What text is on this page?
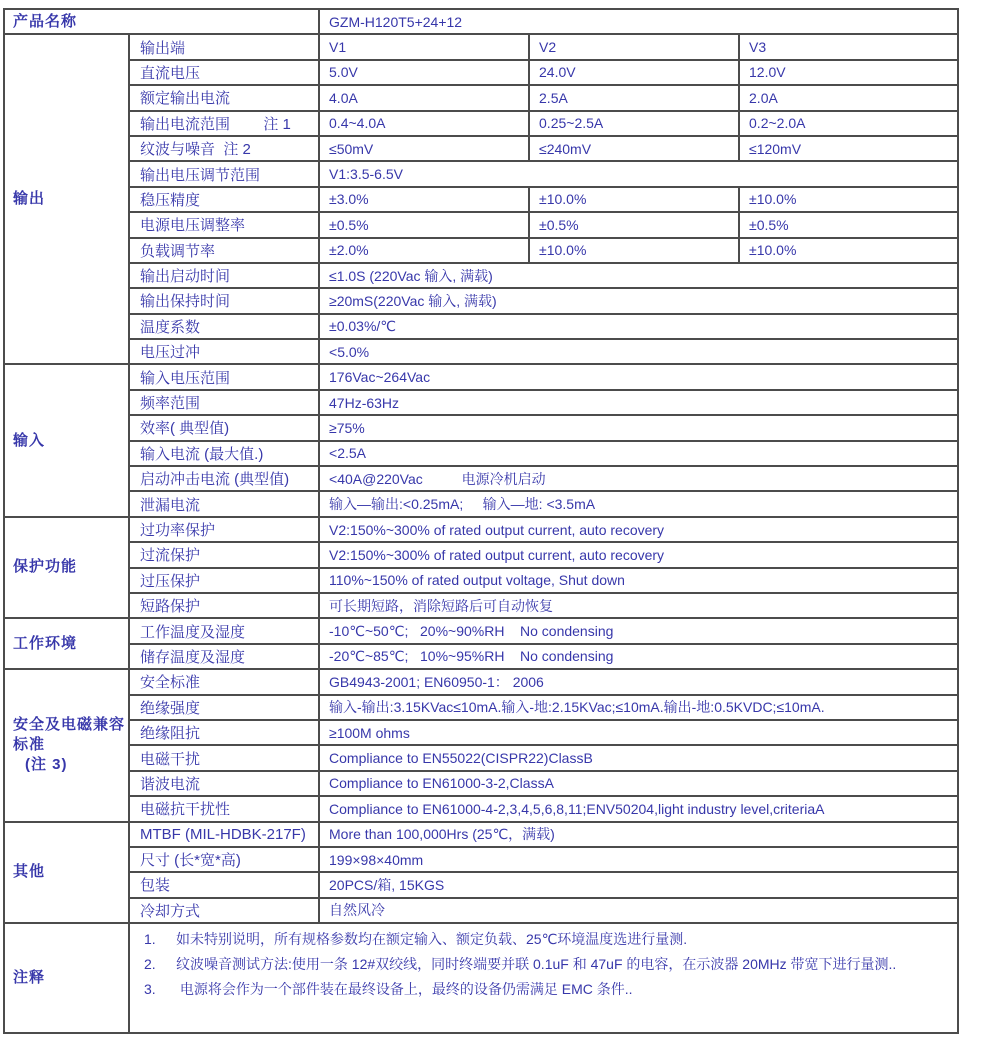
产品名称		GZM-H120T5+24+12		

输出	输出端	V1	V2	V3
	直流电压	5.0V	24.0V	12.0V
	额定输出电流	4.0A	2.5A	2.0A
	输出电流范围        注 1	0.4~4.0A	0.25~2.5A	0.2~2.0A
	纹波与噪音  注 2	≤50mV	≤240mV	≤120mV
	输出电压调节范围	V1:3.5-6.5V		
	稳压精度	±3.0%	±10.0%	±10.0%
	电源电压调整率	±0.5%	±0.5%	±0.5%
	负载调节率	±2.0%	±10.0%	±10.0%
	输出启动时间	≤1.0S (220Vac 输入, 满载)		
	输出保持时间	≥20mS(220Vac 输入, 满载)		
	温度系数	±0.03%/℃		
	电压过冲	<5.0%		

输入	输入电压范围	176Vac~264Vac		
	频率范围	47Hz-63Hz		
	效率( 典型值)	≥75%		
	输入电流 (最大值.)	<2.5A		
	启动冲击电流 (典型值)	<40A@220Vac          电源冷机启动		
	泄漏电流	输入—输出:<0.25mA;     输入—地: <3.5mA		

保护功能	过功率保护	V2:150%~300% of rated output current, auto recovery		
	过流保护	V2:150%~300% of rated output current, auto recovery		
	过压保护	110%~150% of rated output voltage, Shut down		
	短路保护	可长期短路，消除短路后可自动恢复		

工作环境	工作温度及湿度	-10℃~50℃;   20%~90%RH    No condensing		
	储存温度及湿度	-20℃~85℃;   10%~95%RH    No condensing		

安全及电磁兼容标准
(注 3)	安全标准	GB4943-2001; EN60950-1： 2006		
	绝缘强度	输入-输出:3.15KVac≤10mA.输入-地:2.15KVac;≤10mA.输出-地:0.5KVDC;≤10mA.		
	绝缘阻抗	≥100M ohms		
	电磁干扰	Compliance to EN55022(CISPR22)ClassB		
	谐波电流	Compliance to EN61000-3-2,ClassA		
	电磁抗干扰性	Compliance to EN61000-4-2,3,4,5,6,8,11;ENV50204,light industry level,criteriaA		

其他	MTBF (MIL-HDBK-217F)	More than 100,000Hrs (25℃，满载)		
	尺寸 (长*宽*高)	199×98×40mm		
	包装	20PCS/箱, 15KGS		
	冷却方式	自然风冷		

注释

1.	如未特别说明，所有规格参数均在额定输入、额定负载、25℃环境温度选进行量测.
2.	纹波噪音测试方法:使用一条 12#双绞线，同时终端要并联 0.1uF 和 47uF 的电容，在示波器 20MHz 带宽下进行量测..
3.	电源将会作为一个部件装在最终设备上，最终的设备仍需满足 EMC 条件..
